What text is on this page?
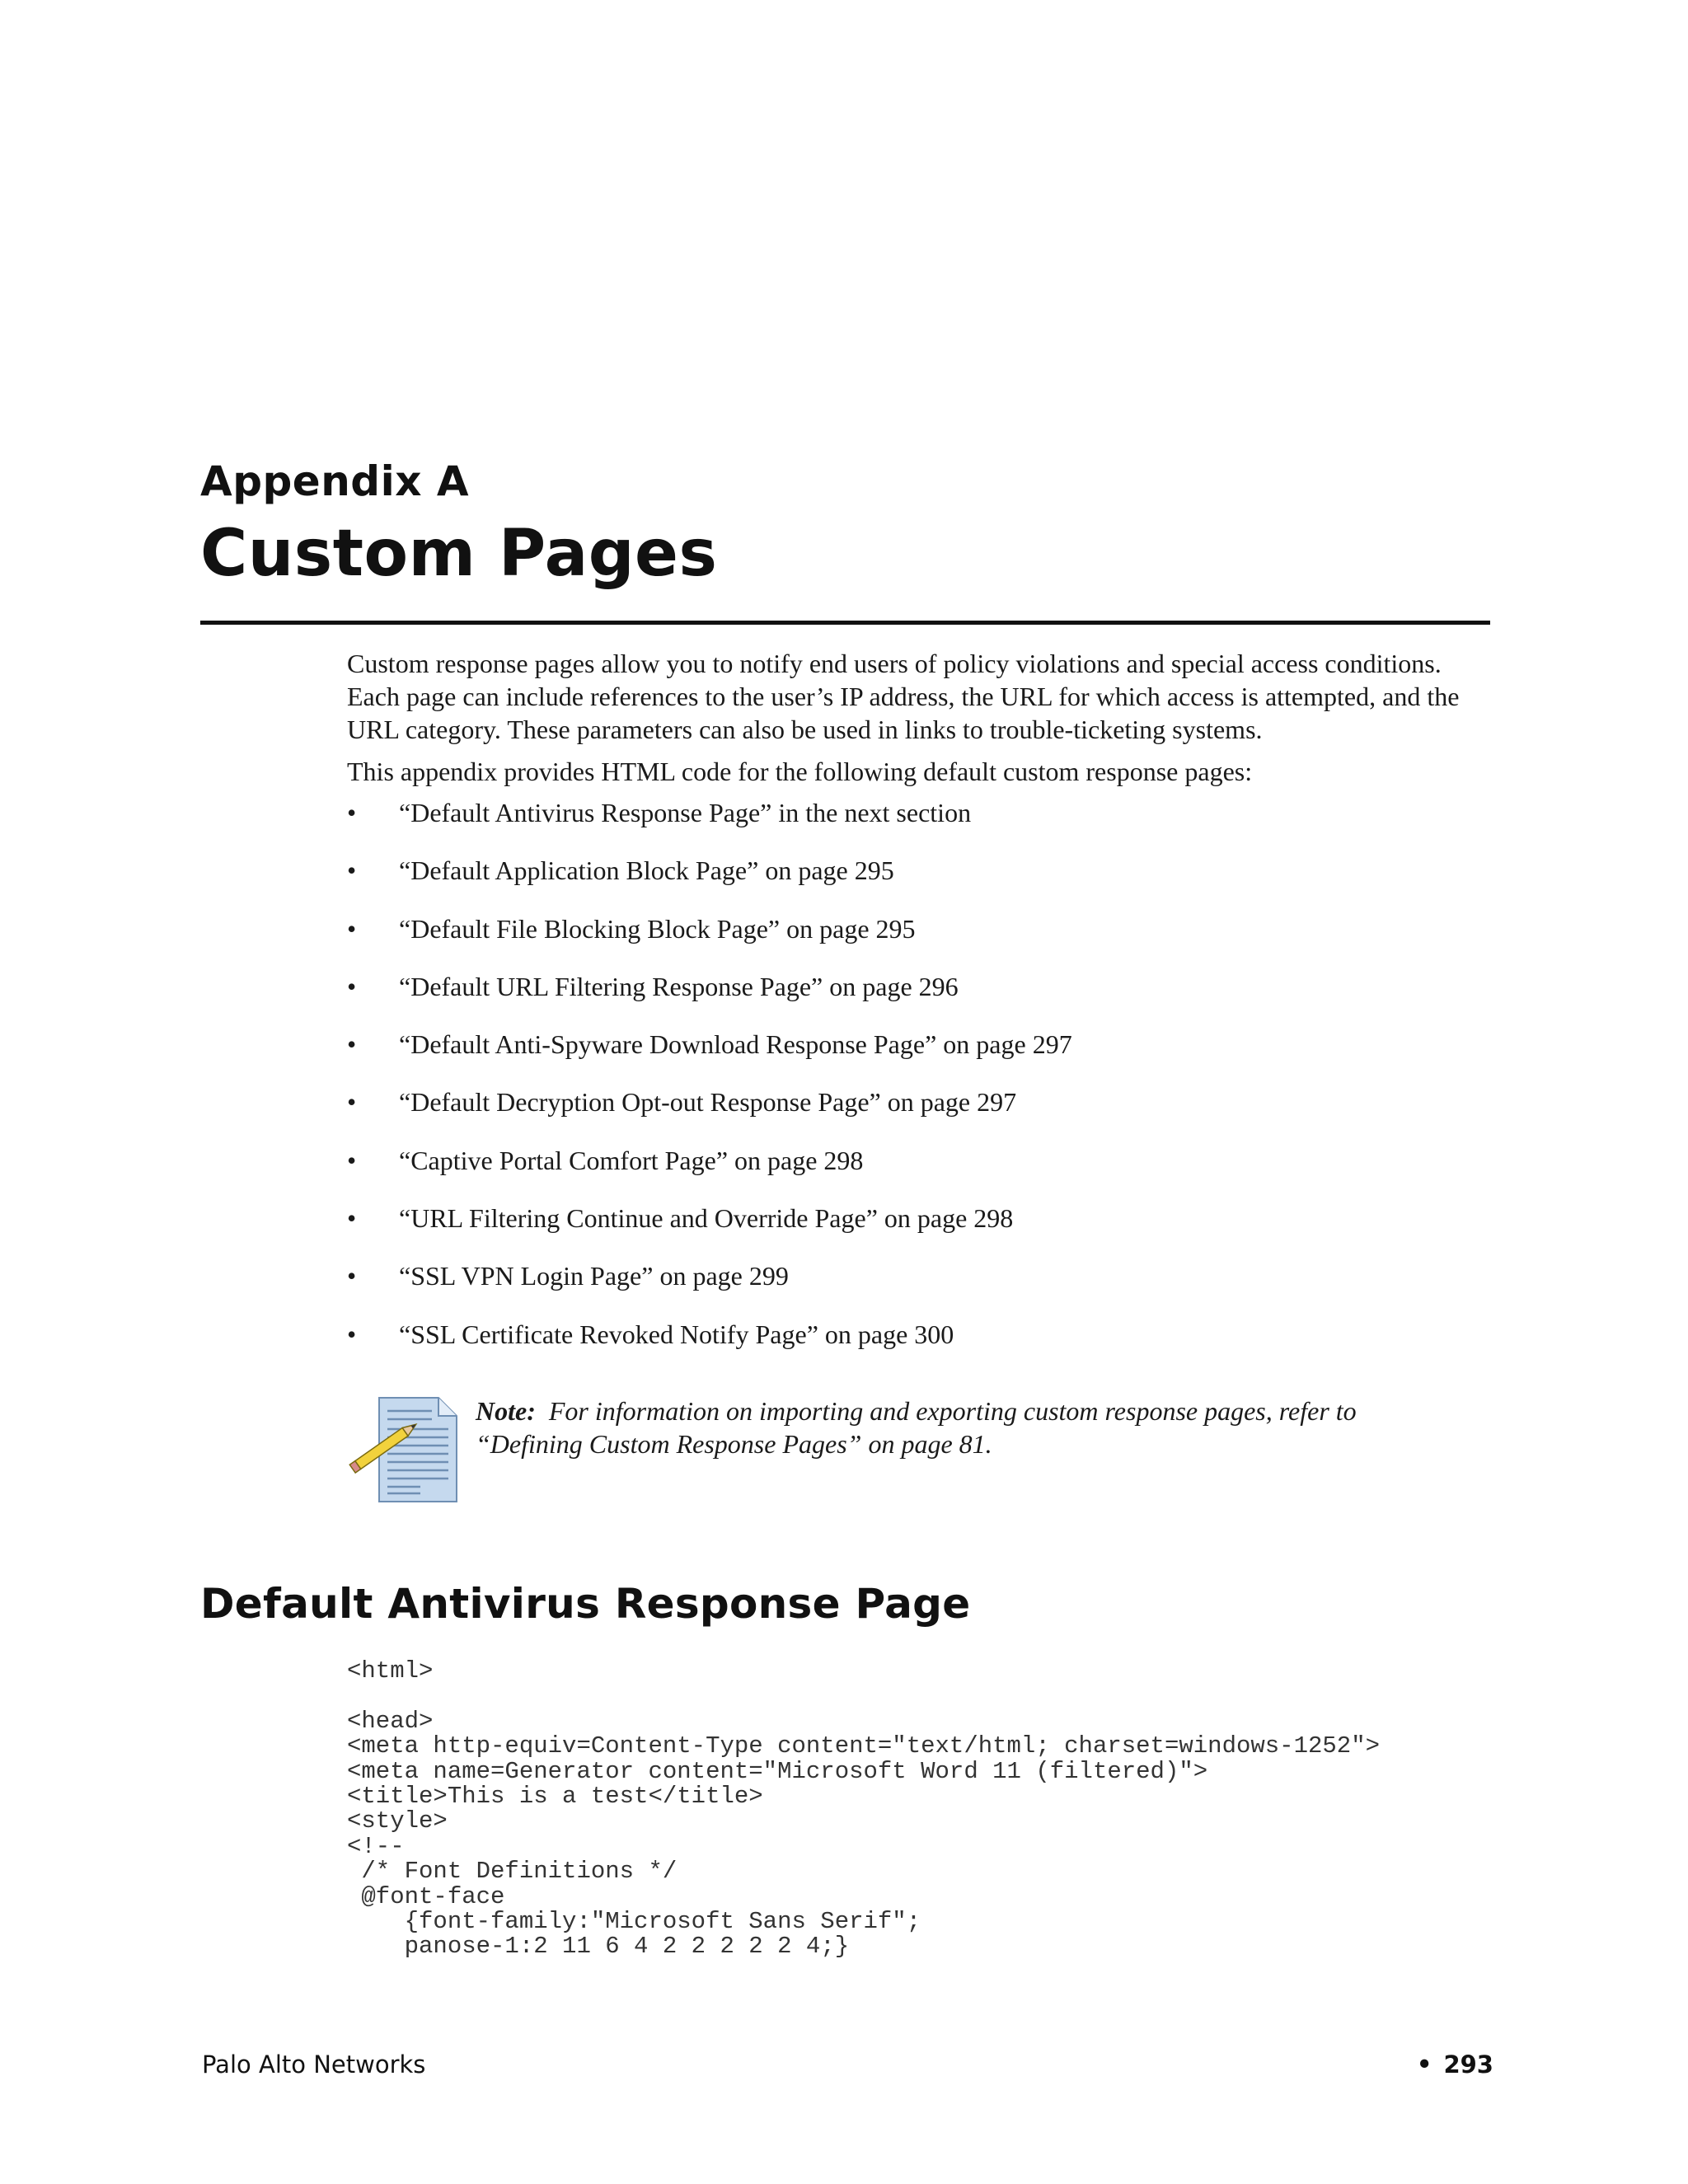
Appendix A
Custom Pages

Custom response pages allow you to notify end users of policy violations and special access conditions. Each page can include references to the user’s IP address, the URL for which access is attempted, and the URL category. These parameters can also be used in links to trouble-ticketing systems.

This appendix provides HTML code for the following default custom response pages:

• “Default Antivirus Response Page” in the next section
• “Default Application Block Page” on page 295
• “Default File Blocking Block Page” on page 295
• “Default URL Filtering Response Page” on page 296
• “Default Anti-Spyware Download Response Page” on page 297
• “Default Decryption Opt-out Response Page” on page 297
• “Captive Portal Comfort Page” on page 298
• “URL Filtering Continue and Override Page” on page 298
• “SSL VPN Login Page” on page 299
• “SSL Certificate Revoked Notify Page” on page 300
Note: For information on importing and exporting custom response pages, refer to “Defining Custom Response Pages” on page 81.
Default Antivirus Response Page
<html>

<head>
<meta http-equiv=Content-Type content="text/html; charset=windows-1252">
<meta name=Generator content="Microsoft Word 11 (filtered)">
<title>This is a test</title>
<style>
<!--
/* Font Definitions */
@font-face
{font-family:"Microsoft Sans Serif";
panose-1:2 11 6 4 2 2 2 2 2 4;}
Palo Alto Networks	• 293
